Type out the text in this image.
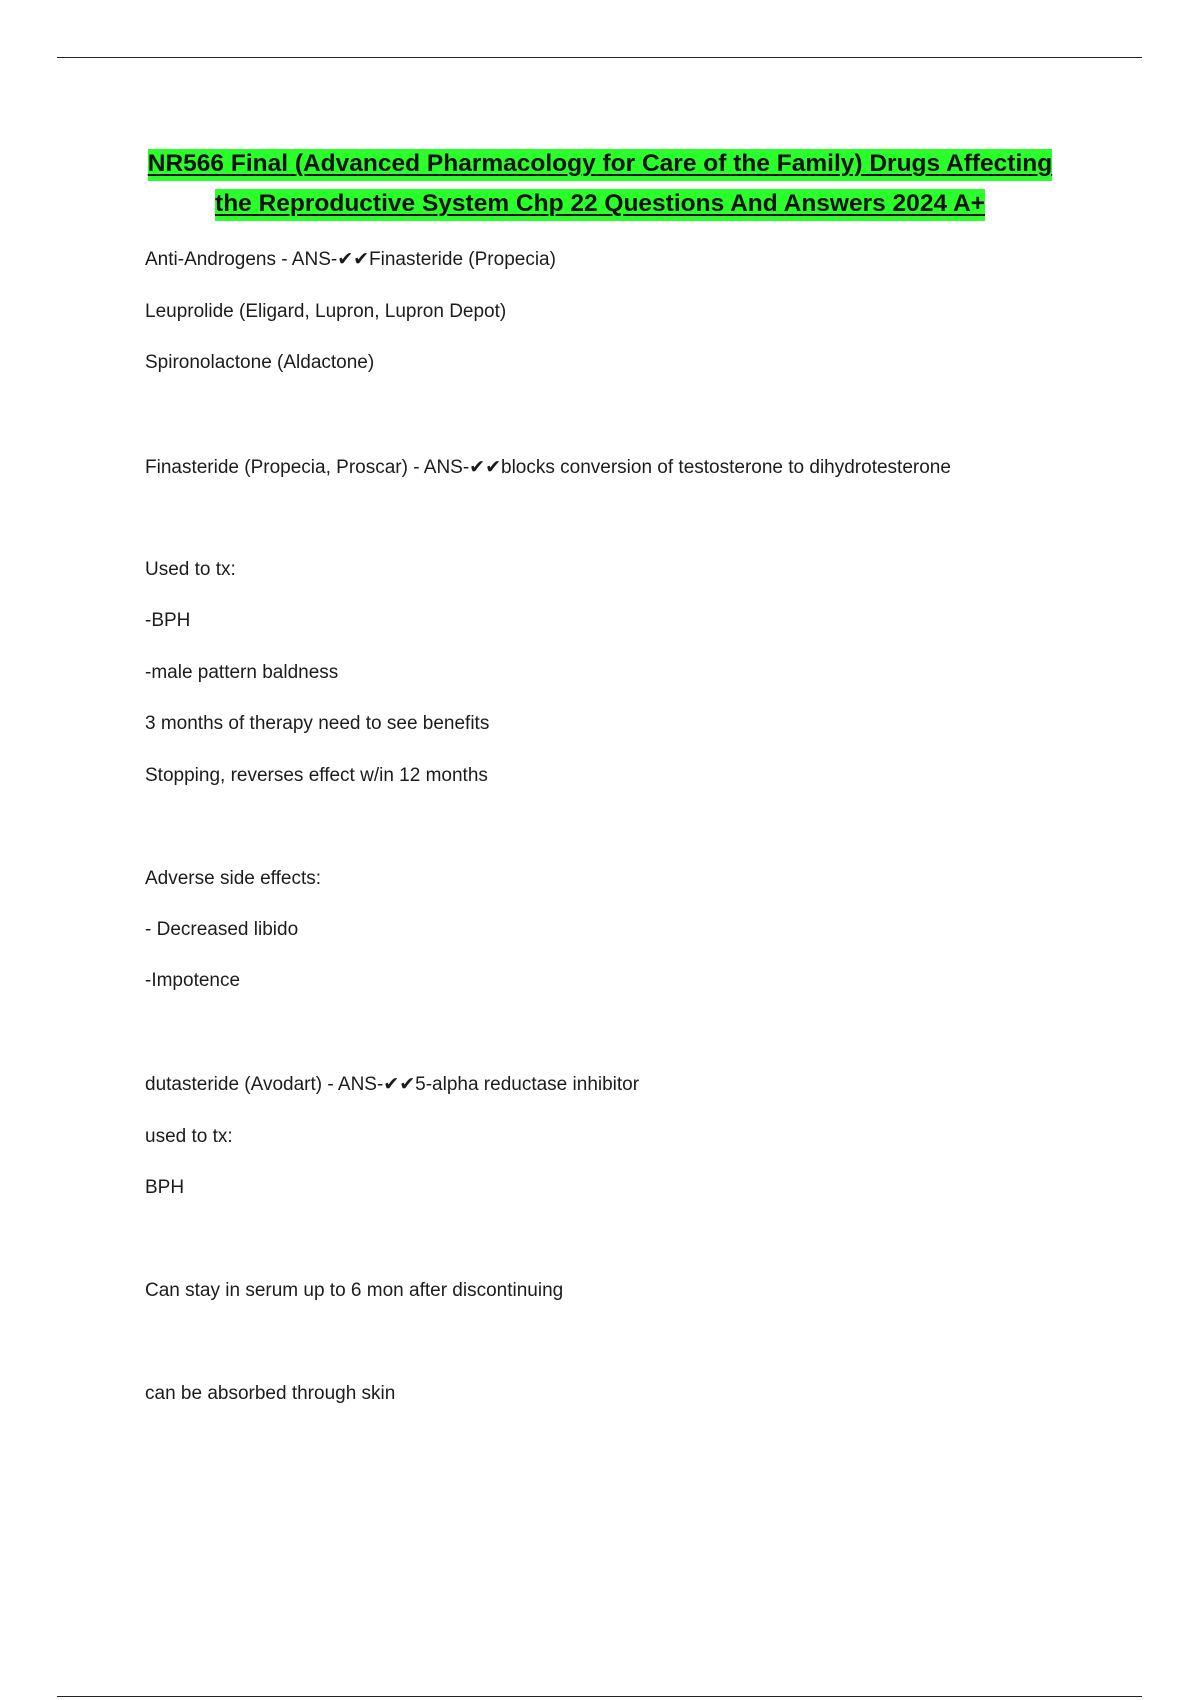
NR566 Final (Advanced Pharmacology for Care of the Family) Drugs Affecting
the Reproductive System Chp 22 Questions And Answers 2024 A+

Anti-Androgens - ANS-✔✔Finasteride (Propecia)

Leuprolide (Eligard, Lupron, Lupron Depot)

Spironolactone (Aldactone)

Finasteride (Propecia, Proscar) - ANS-✔✔blocks conversion of testosterone to dihydrotesterone

Used to tx:

-BPH

-male pattern baldness

3 months of therapy need to see benefits

Stopping, reverses effect w/in 12 months

Adverse side effects:

- Decreased libido

-Impotence

dutasteride (Avodart) - ANS-✔✔5-alpha reductase inhibitor

used to tx:

BPH

Can stay in serum up to 6 mon after discontinuing

can be absorbed through skin
